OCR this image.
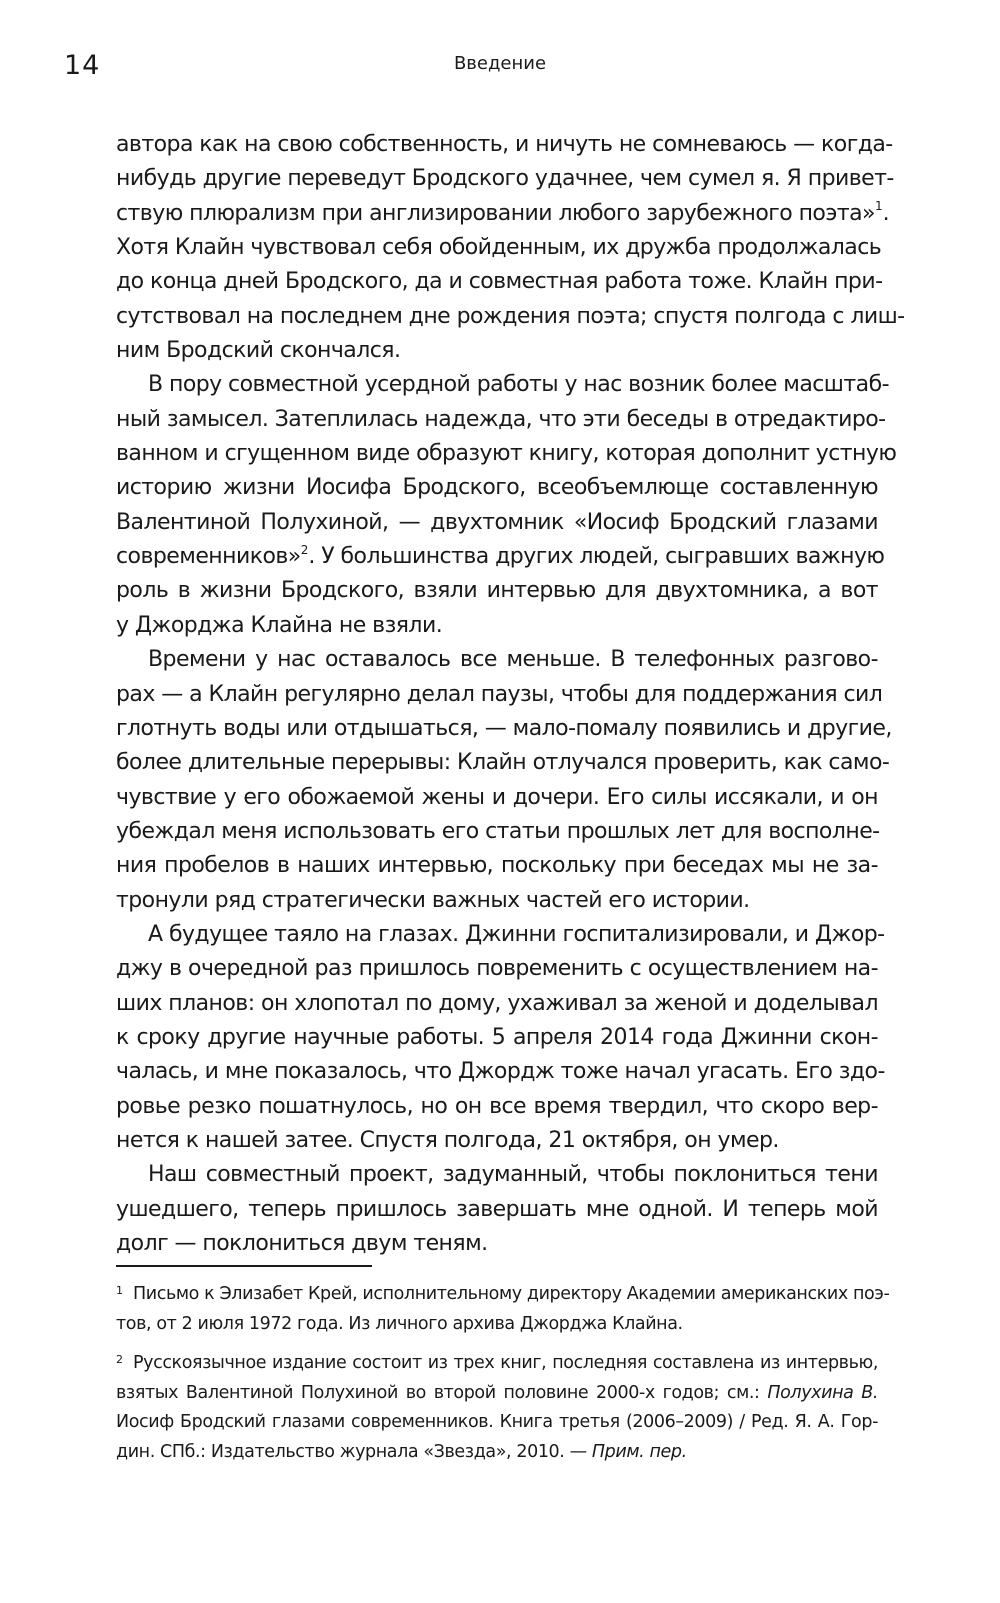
14	Введение
автора как на свою собственность, и ничуть не сомневаюсь — когда-
нибудь другие переведут Бродского удачнее, чем сумел я. Я привет-
ствую плюрализм при англизировании любого зарубежного поэта»$^1$.
Хотя Клайн чувствовал себя обойденным, их дружба продолжалась
до конца дней Бродского, да и совместная работа тоже. Клайн при-
сутствовал на последнем дне рождения поэта; спустя полгода с лиш-
ним Бродский скончался.
В пору совместной усердной работы у нас возник более масштаб-
ный замысел. Затеплилась надежда, что эти беседы в отредактиро-
ванном и сгущенном виде образуют книгу, которая дополнит устную
историю жизни Иосифа Бродского, всеобъемлюще составленную
Валентиной Полухиной, — двухтомник «Иосиф Бродский глазами
современников»$^2$. У большинства других людей, сыгравших важную
роль в жизни Бродского, взяли интервью для двухтомника, а вот
у Джорджа Клайна не взяли.
Времени у нас оставалось все меньше. В телефонных разгово-
рах — а Клайн регулярно делал паузы, чтобы для поддержания сил
глотнуть воды или отдышаться, — мало-помалу появились и другие,
более длительные перерывы: Клайн отлучался проверить, как само-
чувствие у его обожаемой жены и дочери. Его силы иссякали, и он
убеждал меня использовать его статьи прошлых лет для восполне-
ния пробелов в наших интервью, поскольку при беседах мы не за-
тронули ряд стратегически важных частей его истории.
А будущее таяло на глазах. Джинни госпитализировали, и Джор-
джу в очередной раз пришлось повременить с осуществлением на-
ших планов: он хлопотал по дому, ухаживал за женой и доделывал
к сроку другие научные работы. 5 апреля 2014 года Джинни скон-
чалась, и мне показалось, что Джордж тоже начал угасать. Его здо-
ровье резко пошатнулось, но он все время твердил, что скоро вер-
нется к нашей затее. Спустя полгода, 21 октября, он умер.
Наш совместный проект, задуманный, чтобы поклониться тени
ушедшего, теперь пришлось завершать мне одной. И теперь мой
долг — поклониться двум теням.
$^1$ Письмо к Элизабет Крей, исполнительному директору Академии американских поэ-
тов, от 2 июля 1972 года. Из личного архива Джорджа Клайна.
$^2$ Русскоязычное издание состоит из трех книг, последняя составлена из интервью,
взятых Валентиной Полухиной во второй половине 2000-х годов; см.: Полухина В.
Иосиф Бродский глазами современников. Книга третья (2006–2009) / Ред. Я. А. Гор-
дин. СПб.: Издательство журнала «Звезда», 2010. — Прим. пер.
